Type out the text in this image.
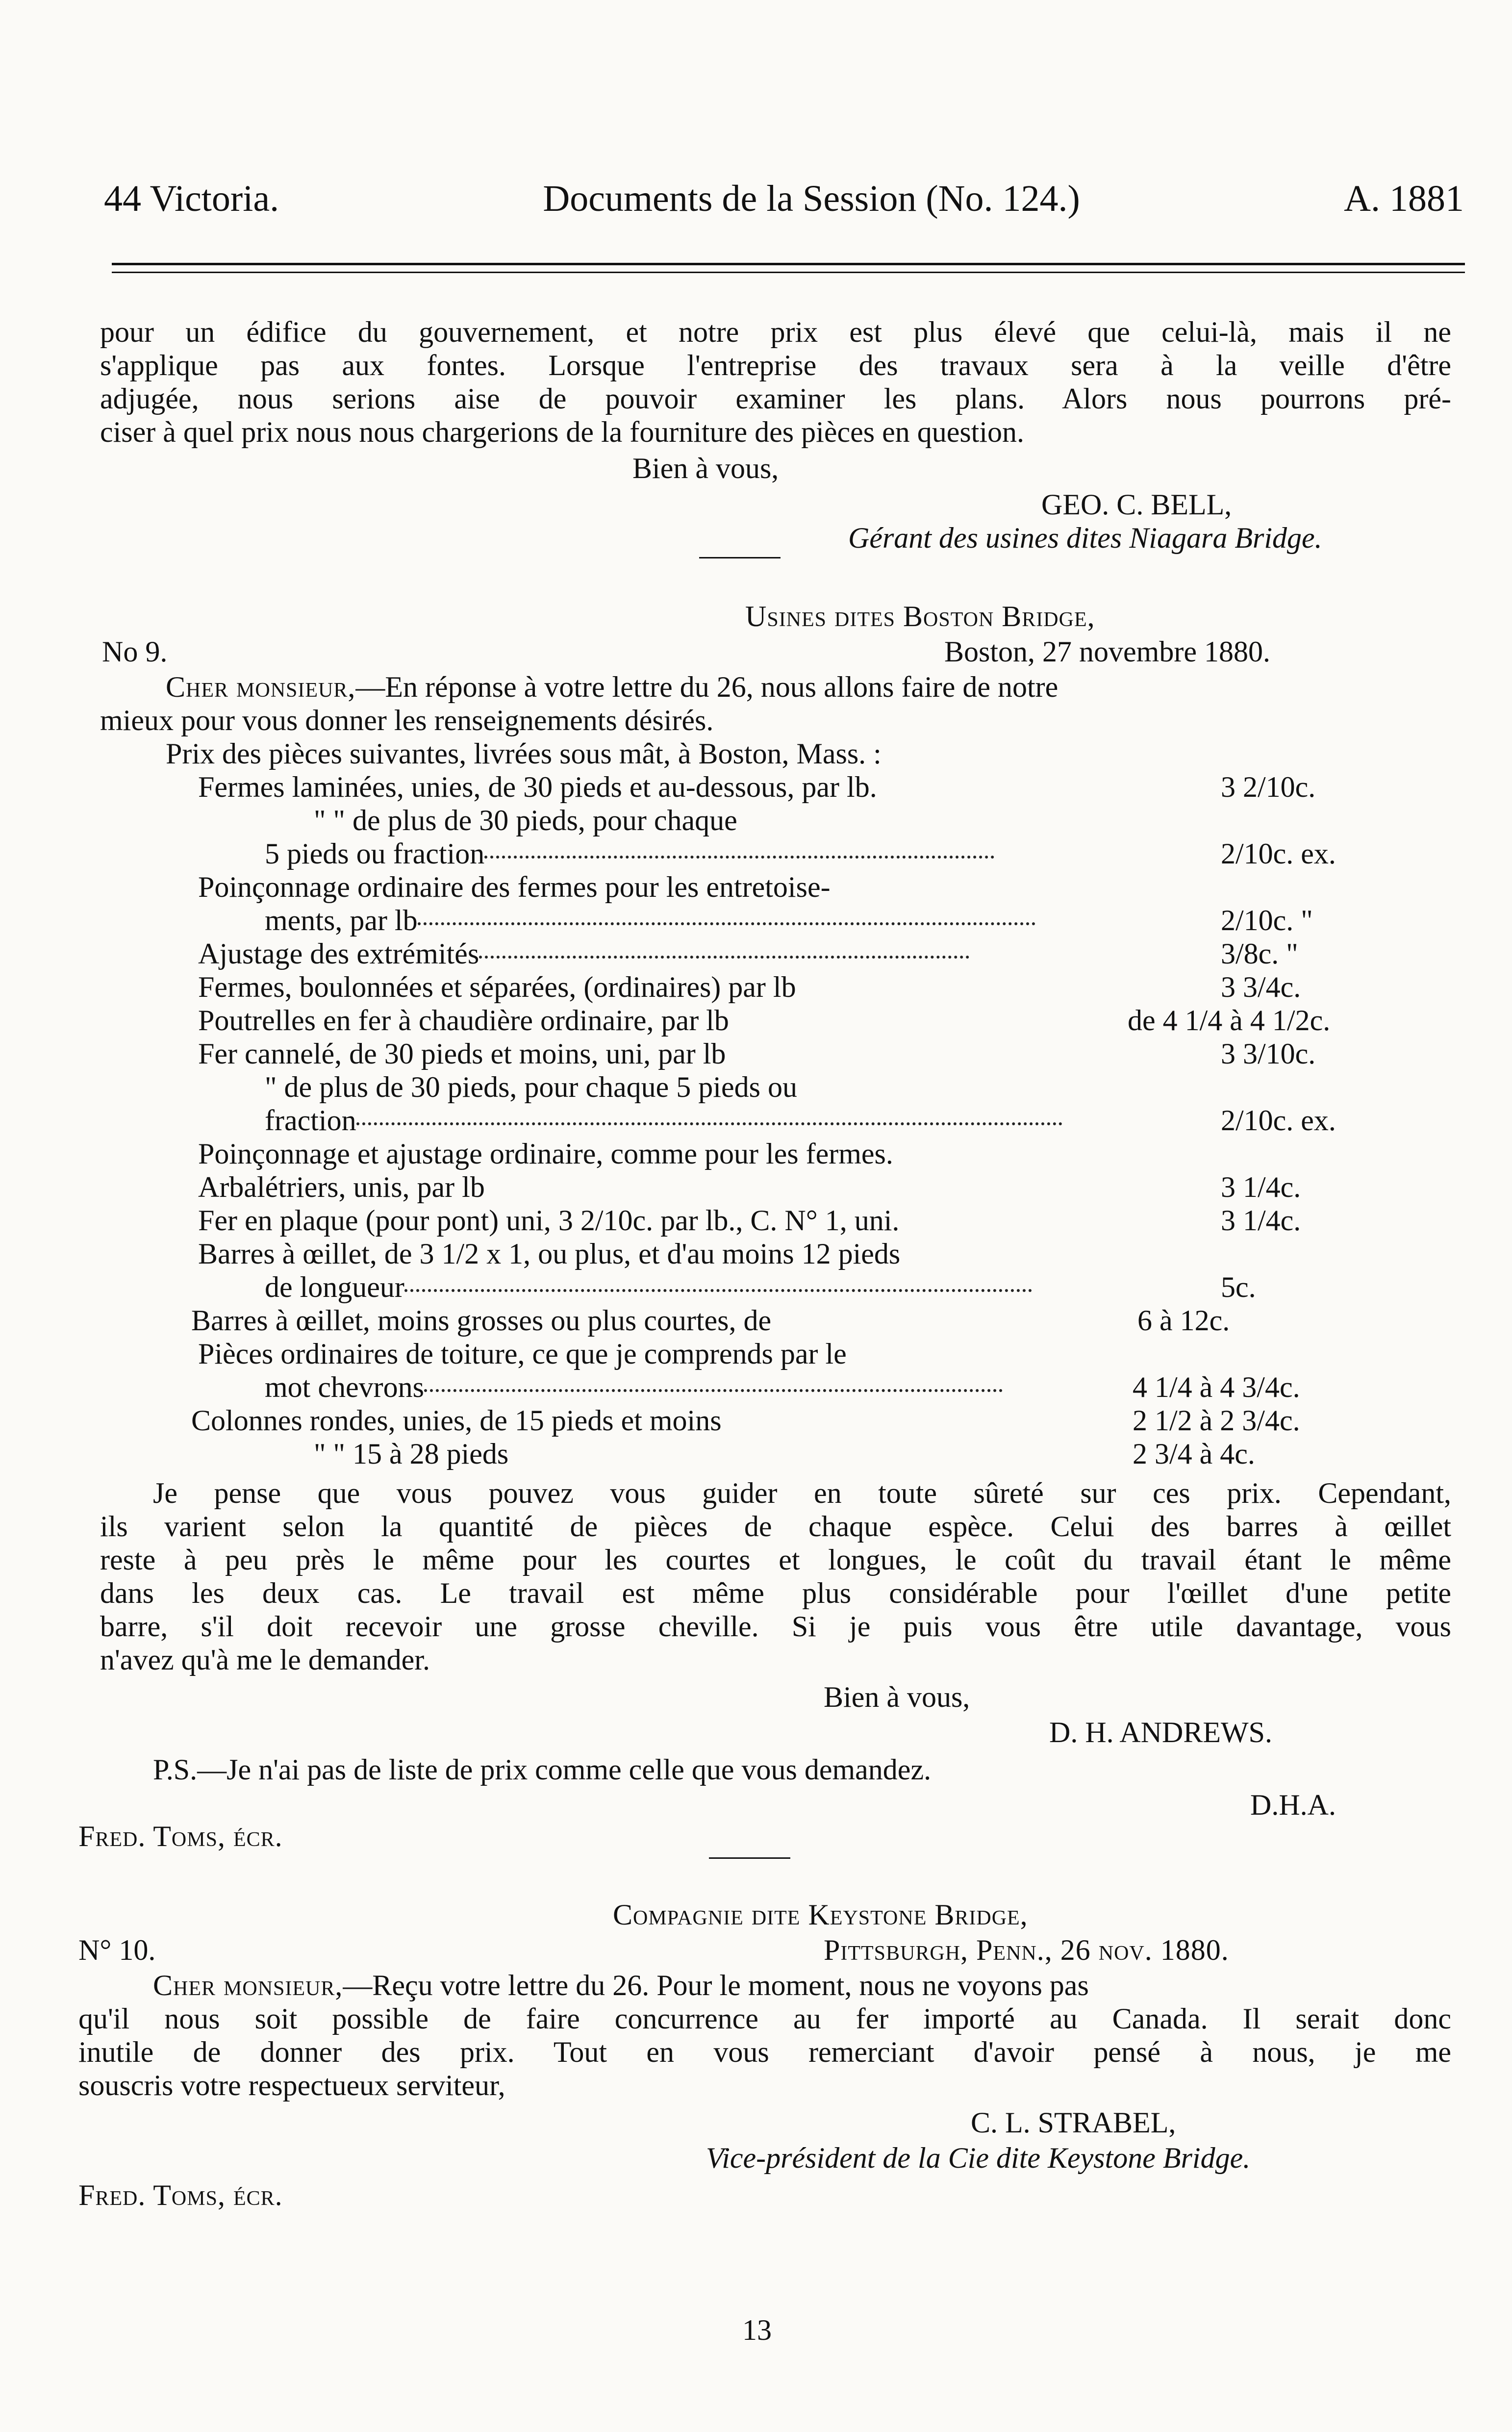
44 Victoria.	Documents de la Session (No. 124.)	A. 1881
pour un édifice du gouvernement, et notre prix est plus élevé que celui-là, mais il ne
s'applique pas aux fontes. Lorsque l'entreprise des travaux sera à la veille d'être
adjugée, nous serions aise de pouvoir examiner les plans. Alors nous pourrons pré-
ciser à quel prix nous nous chargerions de la fourniture des pièces en question.
Bien à vous,
GEO. C. BELL,
Gérant des usines dites Niagara Bridge.
Usines dites Boston Bridge,
No 9.	Boston, 27 novembre 1880.
Cher monsieur,—En réponse à votre lettre du 26, nous allons faire de notre
mieux pour vous donner les renseignements désirés.
Prix des pièces suivantes, livrées sous mât, à Boston, Mass. :
Fermes laminées, unies, de 30 pieds et au-dessous, par lb.	3 2/10c.
" " de plus de 30 pieds, pour chaque
5 pieds ou fraction	2/10c. ex.
Poinçonnage ordinaire des fermes pour les entretoise-
ments, par lb	2/10c. "
Ajustage des extrémités	3/8c. "
Fermes, boulonnées et séparées, (ordinaires) par lb	3 3/4c.
Poutrelles en fer à chaudière ordinaire, par lb	de 4 1/4 à 4 1/2c.
Fer cannelé, de 30 pieds et moins, uni, par lb	3 3/10c.
" de plus de 30 pieds, pour chaque 5 pieds ou
fraction	2/10c. ex.
Poinçonnage et ajustage ordinaire, comme pour les fermes.
Arbalétriers, unis, par lb	3 1/4c.
Fer en plaque (pour pont) uni, 3 2/10c. par lb., C. N° 1, uni.	3 1/4c.
Barres à œillet, de 3 1/2 x 1, ou plus, et d'au moins 12 pieds
de longueur	5c.
Barres à œillet, moins grosses ou plus courtes, de	6 à 12c.
Pièces ordinaires de toiture, ce que je comprends par le
mot chevrons	4 1/4 à 4 3/4c.
Colonnes rondes, unies, de 15 pieds et moins	2 1/2 à 2 3/4c.
" " 15 à 28 pieds	2 3/4 à 4c.
Je pense que vous pouvez vous guider en toute sûreté sur ces prix. Cependant,
ils varient selon la quantité de pièces de chaque espèce. Celui des barres à œillet
reste à peu près le même pour les courtes et longues, le coût du travail étant le même
dans les deux cas. Le travail est même plus considérable pour l'œillet d'une petite
barre, s'il doit recevoir une grosse cheville. Si je puis vous être utile davantage, vous
n'avez qu'à me le demander.
Bien à vous,
D. H. ANDREWS.
P.S.—Je n'ai pas de liste de prix comme celle que vous demandez.
D.H.A.
Fred. Toms, écr.
Compagnie dite Keystone Bridge,
N° 10.	Pittsburgh, Penn., 26 nov. 1880.
Cher monsieur,—Reçu votre lettre du 26. Pour le moment, nous ne voyons pas
qu'il nous soit possible de faire concurrence au fer importé au Canada. Il serait donc
inutile de donner des prix. Tout en vous remerciant d'avoir pensé à nous, je me
souscris votre respectueux serviteur,
C. L. STRABEL,
Vice-président de la Cie dite Keystone Bridge.
Fred. Toms, écr.
13
